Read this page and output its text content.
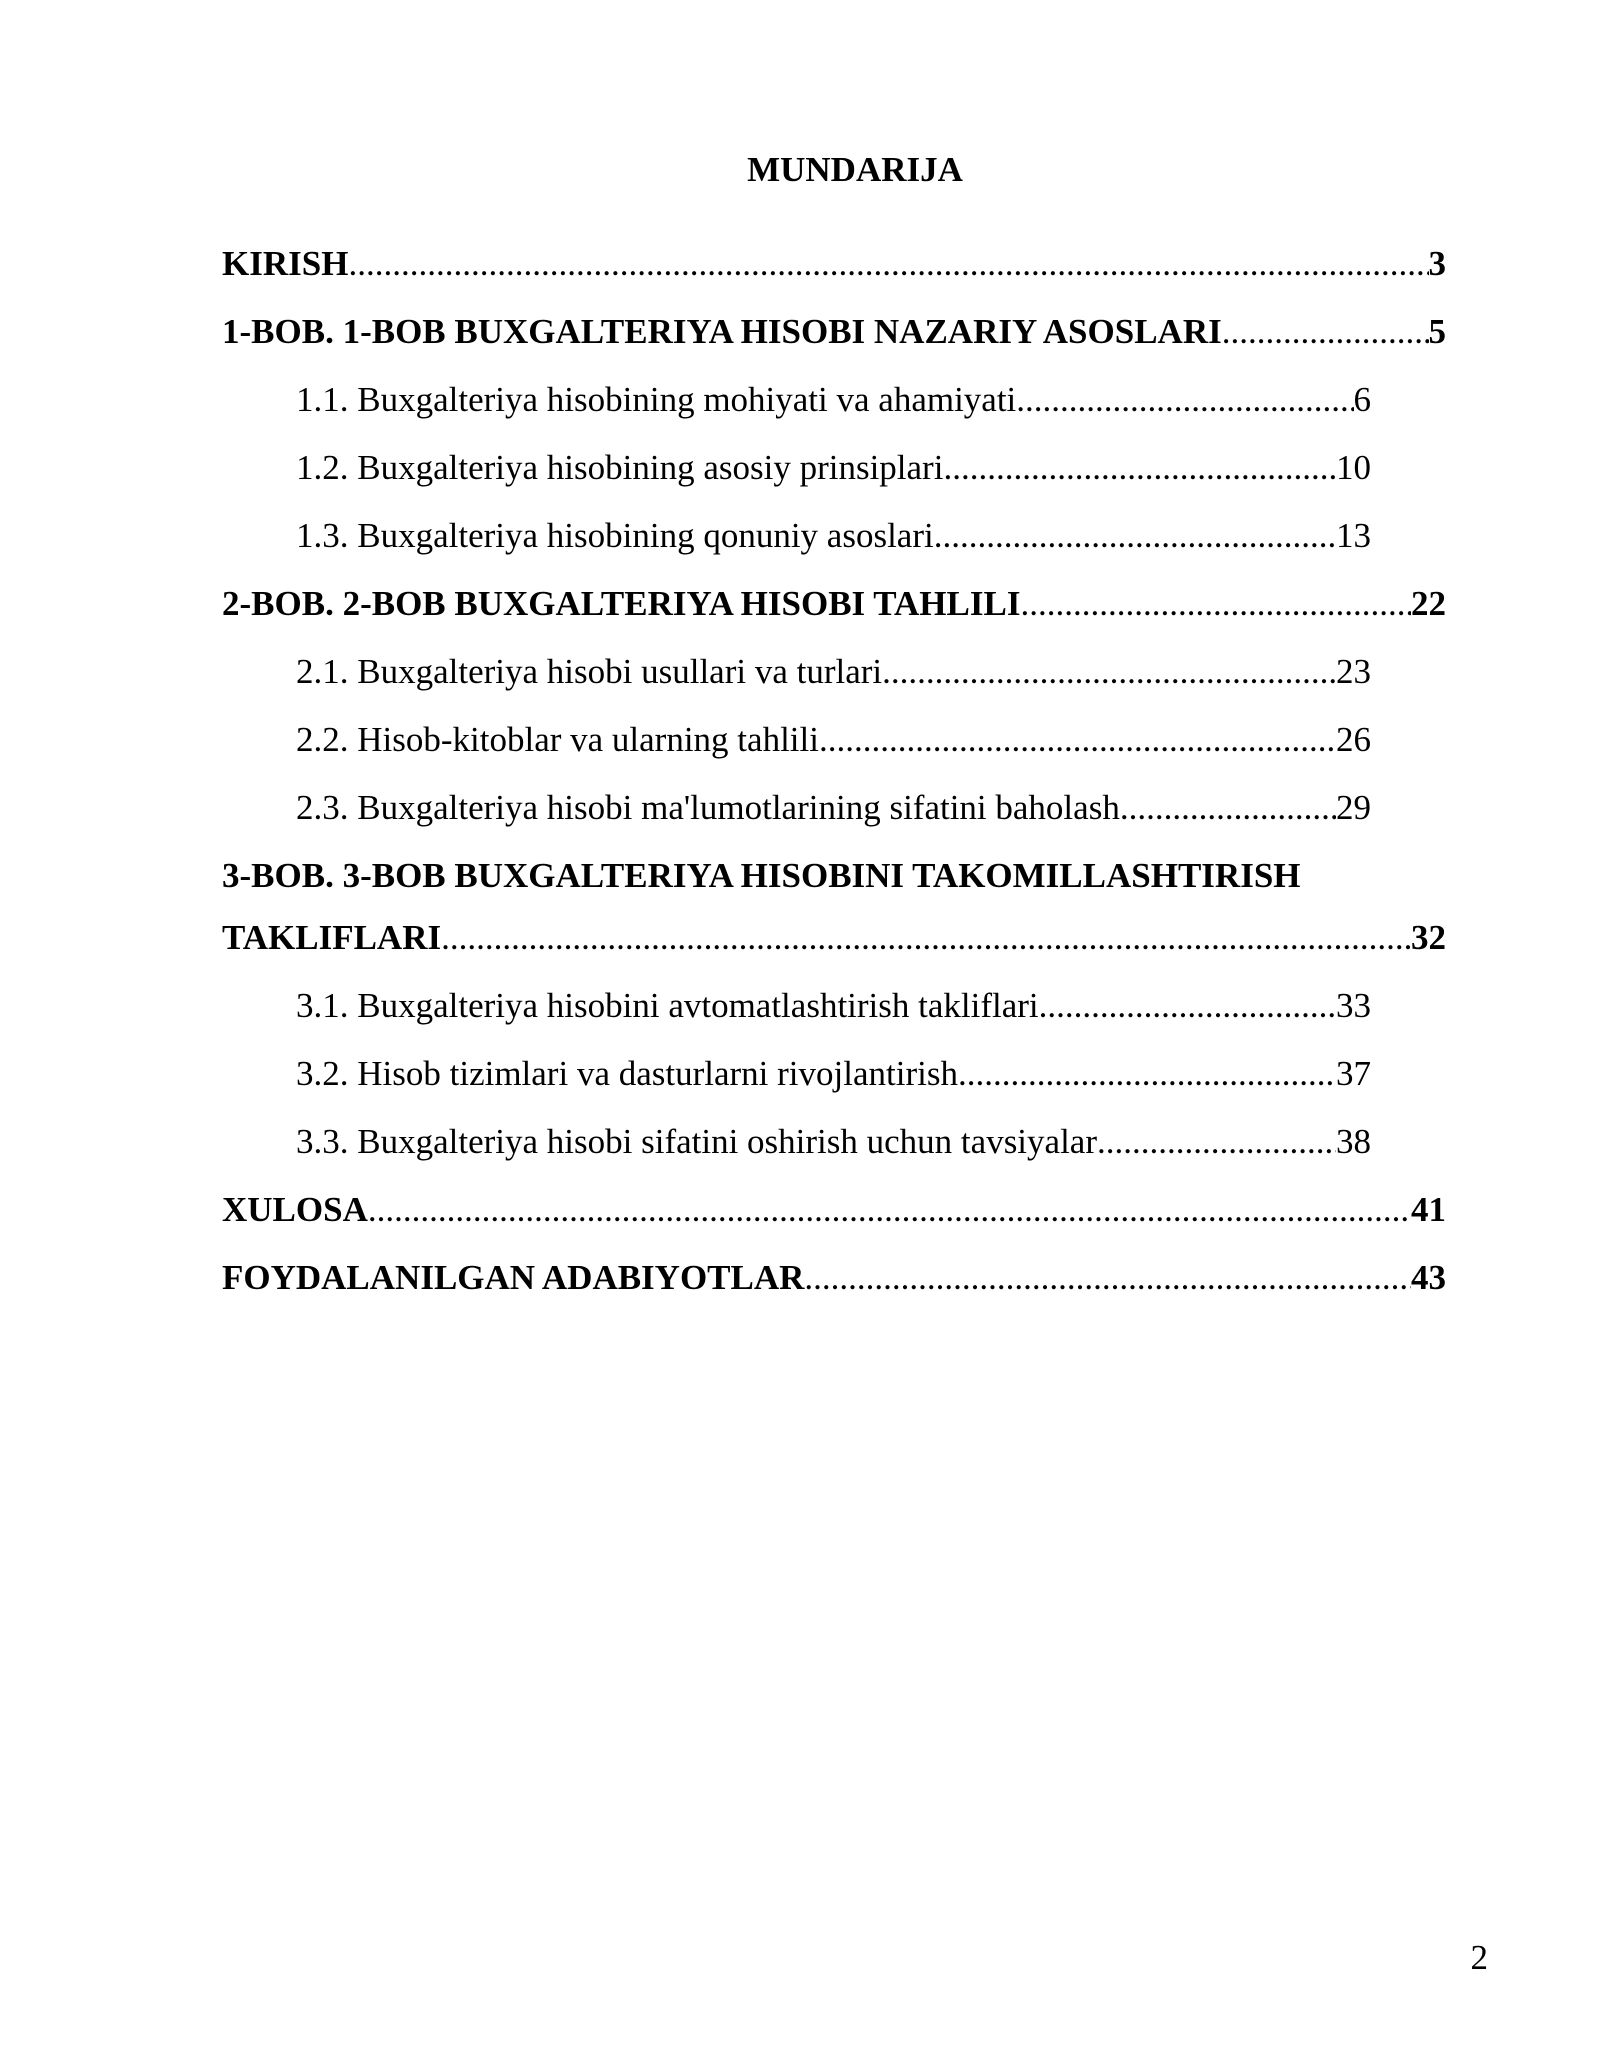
MUNDARIJA
KIRISH .....	3
1-BOB. 1-BOB BUXGALTERIYA HISOBI NAZARIY ASOSLARI .....	5
1.1. Buxgalteriya hisobining mohiyati va ahamiyati .....	6
1.2. Buxgalteriya hisobining asosiy prinsiplari .....	10
1.3. Buxgalteriya hisobining qonuniy asoslari .....	13
2-BOB. 2-BOB BUXGALTERIYA HISOBI TAHLILI .....	22
2.1. Buxgalteriya hisobi usullari va turlari .....	23
2.2. Hisob-kitoblar va ularning tahlili .....	26
2.3. Buxgalteriya hisobi ma'lumotlarining sifatini baholash .....	29
3-BOB. 3-BOB BUXGALTERIYA HISOBINI TAKOMILLASHTIRISH
TAKLIFLARI .....	32
3.1. Buxgalteriya hisobini avtomatlashtirish takliflari .....	33
3.2. Hisob tizimlari va dasturlarni rivojlantirish .....	37
3.3. Buxgalteriya hisobi sifatini oshirish uchun tavsiyalar .....	38
XULOSA .....	41
FOYDALANILGAN ADABIYOTLAR .....	43
2
